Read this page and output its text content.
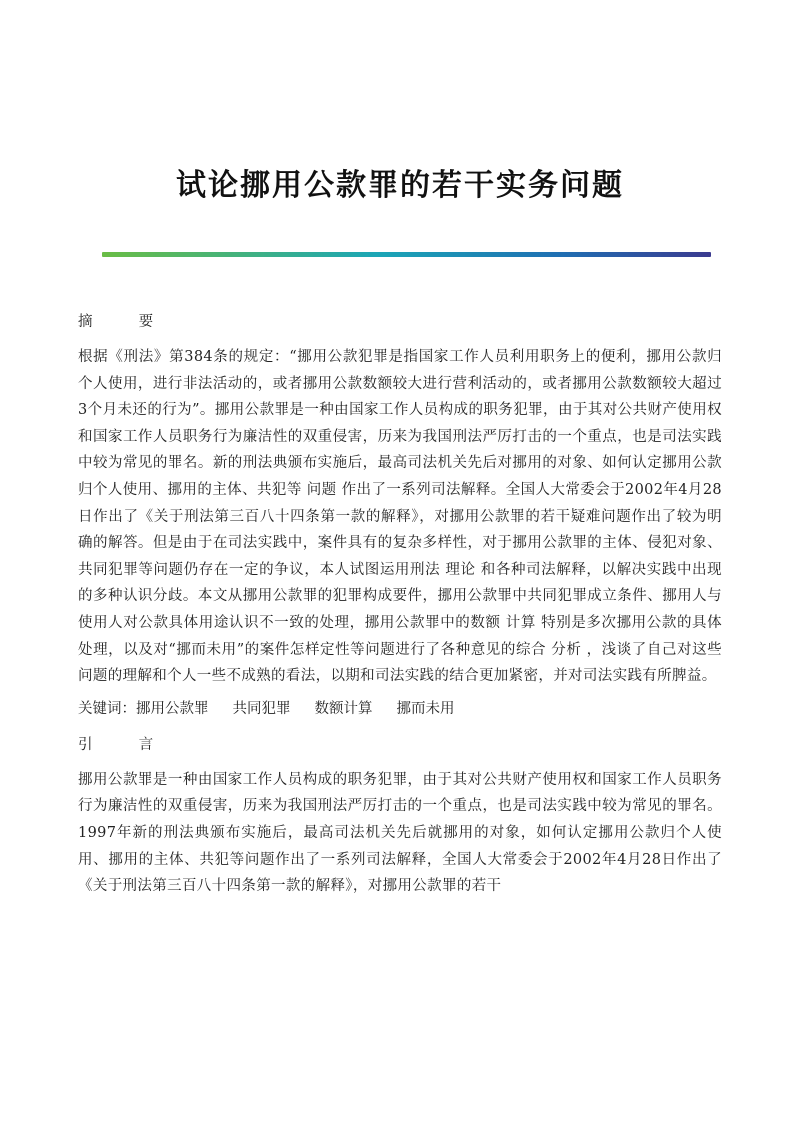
试论挪用公款罪的若干实务问题
摘          要

根据《刑法》第384条的规定：“挪用公款犯罪是指国家工作人员利用职务上的便利，挪用公款归个人使用，进行非法活动的，或者挪用公款数额较大进行营利活动的，或者挪用公款数额较大超过3个月未还的行为”。挪用公款罪是一种由国家工作人员构成的职务犯罪，由于其对公共财产使用权和国家工作人员职务行为廉洁性的双重侵害，历来为我国刑法严厉打击的一个重点，也是司法实践中较为常见的罪名。新的刑法典颁布实施后，最高司法机关先后对挪用的对象、如何认定挪用公款归个人使用、挪用的主体、共犯等 问题 作出了一系列司法解释。全国人大常委会于2002年4月28日作出了《关于刑法第三百八十四条第一款的解释》，对挪用公款罪的若干疑难问题作出了较为明确的解答。但是由于在司法实践中，案件具有的复杂多样性，对于挪用公款罪的主体、侵犯对象、共同犯罪等问题仍存在一定的争议，本人试图运用刑法 理论 和各种司法解释，以解决实践中出现的多种认识分歧。本文从挪用公款罪的犯罪构成要件，挪用公款罪中共同犯罪成立条件、挪用人与使用人对公款具体用途认识不一致的处理，挪用公款罪中的数额 计算 特别是多次挪用公款的具体处理，以及对“挪而未用”的案件怎样定性等问题进行了各种意见的综合 分析 ，浅谈了自己对这些问题的理解和个人一些不成熟的看法，以期和司法实践的结合更加紧密，并对司法实践有所脾益。

关键词：挪用公款罪 共同犯罪 数额计算 挪而未用
引          言

挪用公款罪是一种由国家工作人员构成的职务犯罪，由于其对公共财产使用权和国家工作人员职务行为廉洁性的双重侵害，历来为我国刑法严厉打击的一个重点，也是司法实践中较为常见的罪名。 1997年新的刑法典颁布实施后，最高司法机关先后就挪用的对象，如何认定挪用公款归个人使用、挪用的主体、共犯等问题作出了一系列司法解释，全国人大常委会于2002年4月28日作出了《关于刑法第三百八十四条第一款的解释》，对挪用公款罪的若干
